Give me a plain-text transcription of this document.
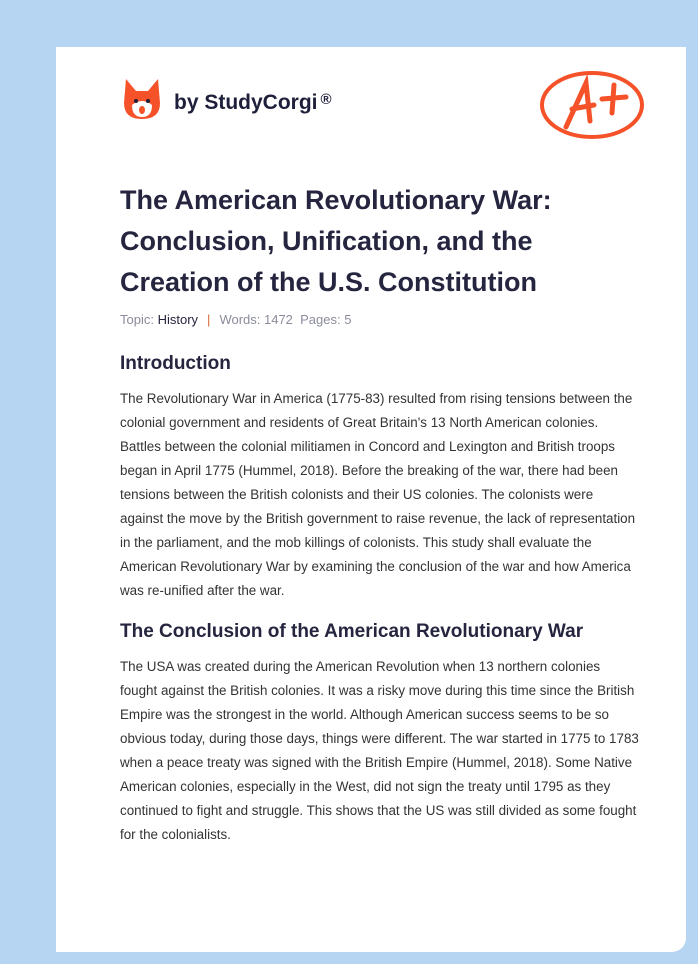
by StudyCorgi ®
The American Revolutionary War: Conclusion, Unification, and the Creation of the U.S. Constitution
Topic: History | Words: 1472 Pages: 5
Introduction

The Revolutionary War in America (1775-83) resulted from rising tensions between the colonial government and residents of Great Britain's 13 North American colonies. Battles between the colonial militiamen in Concord and Lexington and British troops began in April 1775 (Hummel, 2018). Before the breaking of the war, there had been tensions between the British colonists and their US colonies. The colonists were against the move by the British government to raise revenue, the lack of representation in the parliament, and the mob killings of colonists. This study shall evaluate the American Revolutionary War by examining the conclusion of the war and how America was re-unified after the war.

The Conclusion of the American Revolutionary War

The USA was created during the American Revolution when 13 northern colonies fought against the British colonies. It was a risky move during this time since the British Empire was the strongest in the world. Although American success seems to be so obvious today, during those days, things were different. The war started in 1775 to 1783 when a peace treaty was signed with the British Empire (Hummel, 2018). Some Native American colonies, especially in the West, did not sign the treaty until 1795 as they continued to fight and struggle. This shows that the US was still divided as some fought for the colonialists.
